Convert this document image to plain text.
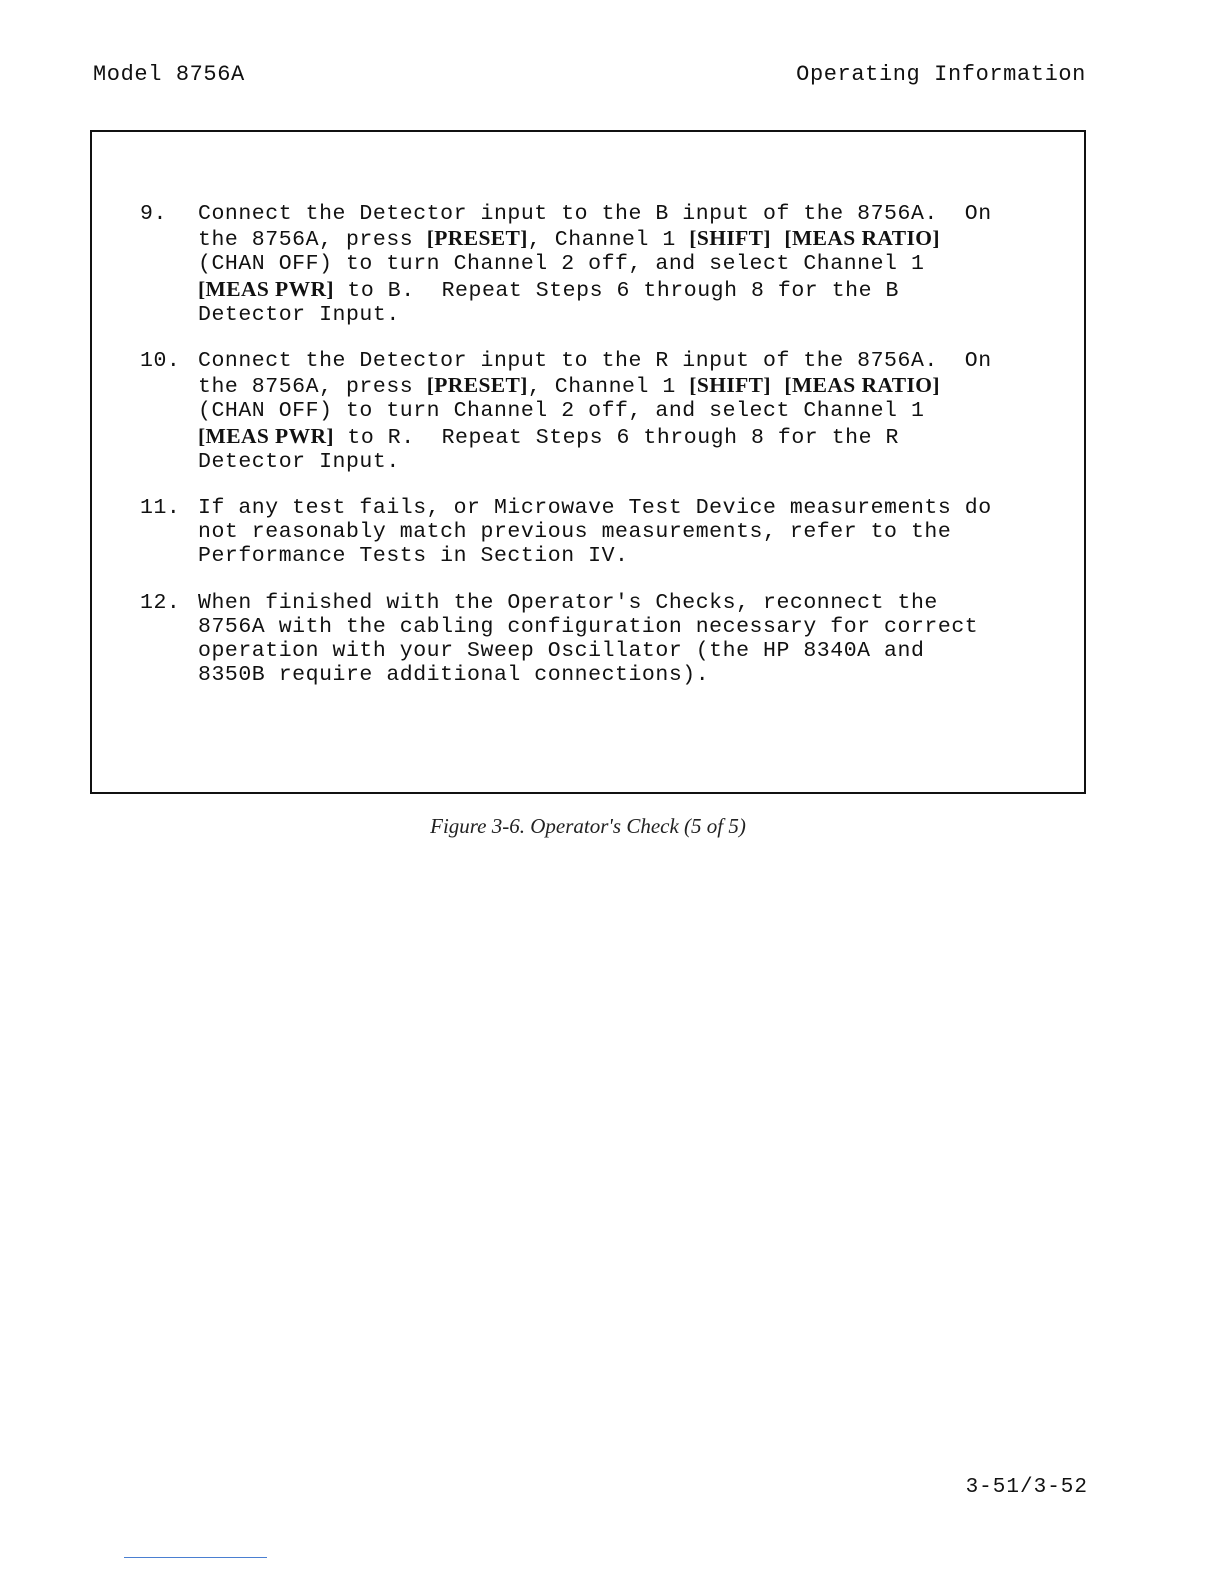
Model 8756A	Operating Information
9. Connect the Detector input to the B input of the 8756A.  On
the 8756A, press [PRESET], Channel 1 [SHIFT] [MEAS RATIO]
(CHAN OFF) to turn Channel 2 off, and select Channel 1
[MEAS PWR] to B.  Repeat Steps 6 through 8 for the B
Detector Input.
10. Connect the Detector input to the R input of the 8756A.  On
the 8756A, press [PRESET], Channel 1 [SHIFT] [MEAS RATIO]
(CHAN OFF) to turn Channel 2 off, and select Channel 1
[MEAS PWR] to R.  Repeat Steps 6 through 8 for the R
Detector Input.
11. If any test fails, or Microwave Test Device measurements do
not reasonably match previous measurements, refer to the
Performance Tests in Section IV.
12. When finished with the Operator's Checks, reconnect the
8756A with the cabling configuration necessary for correct
operation with your Sweep Oscillator (the HP 8340A and
8350B require additional connections).
Figure 3-6. Operator's Check (5 of 5)
3-51/3-52
